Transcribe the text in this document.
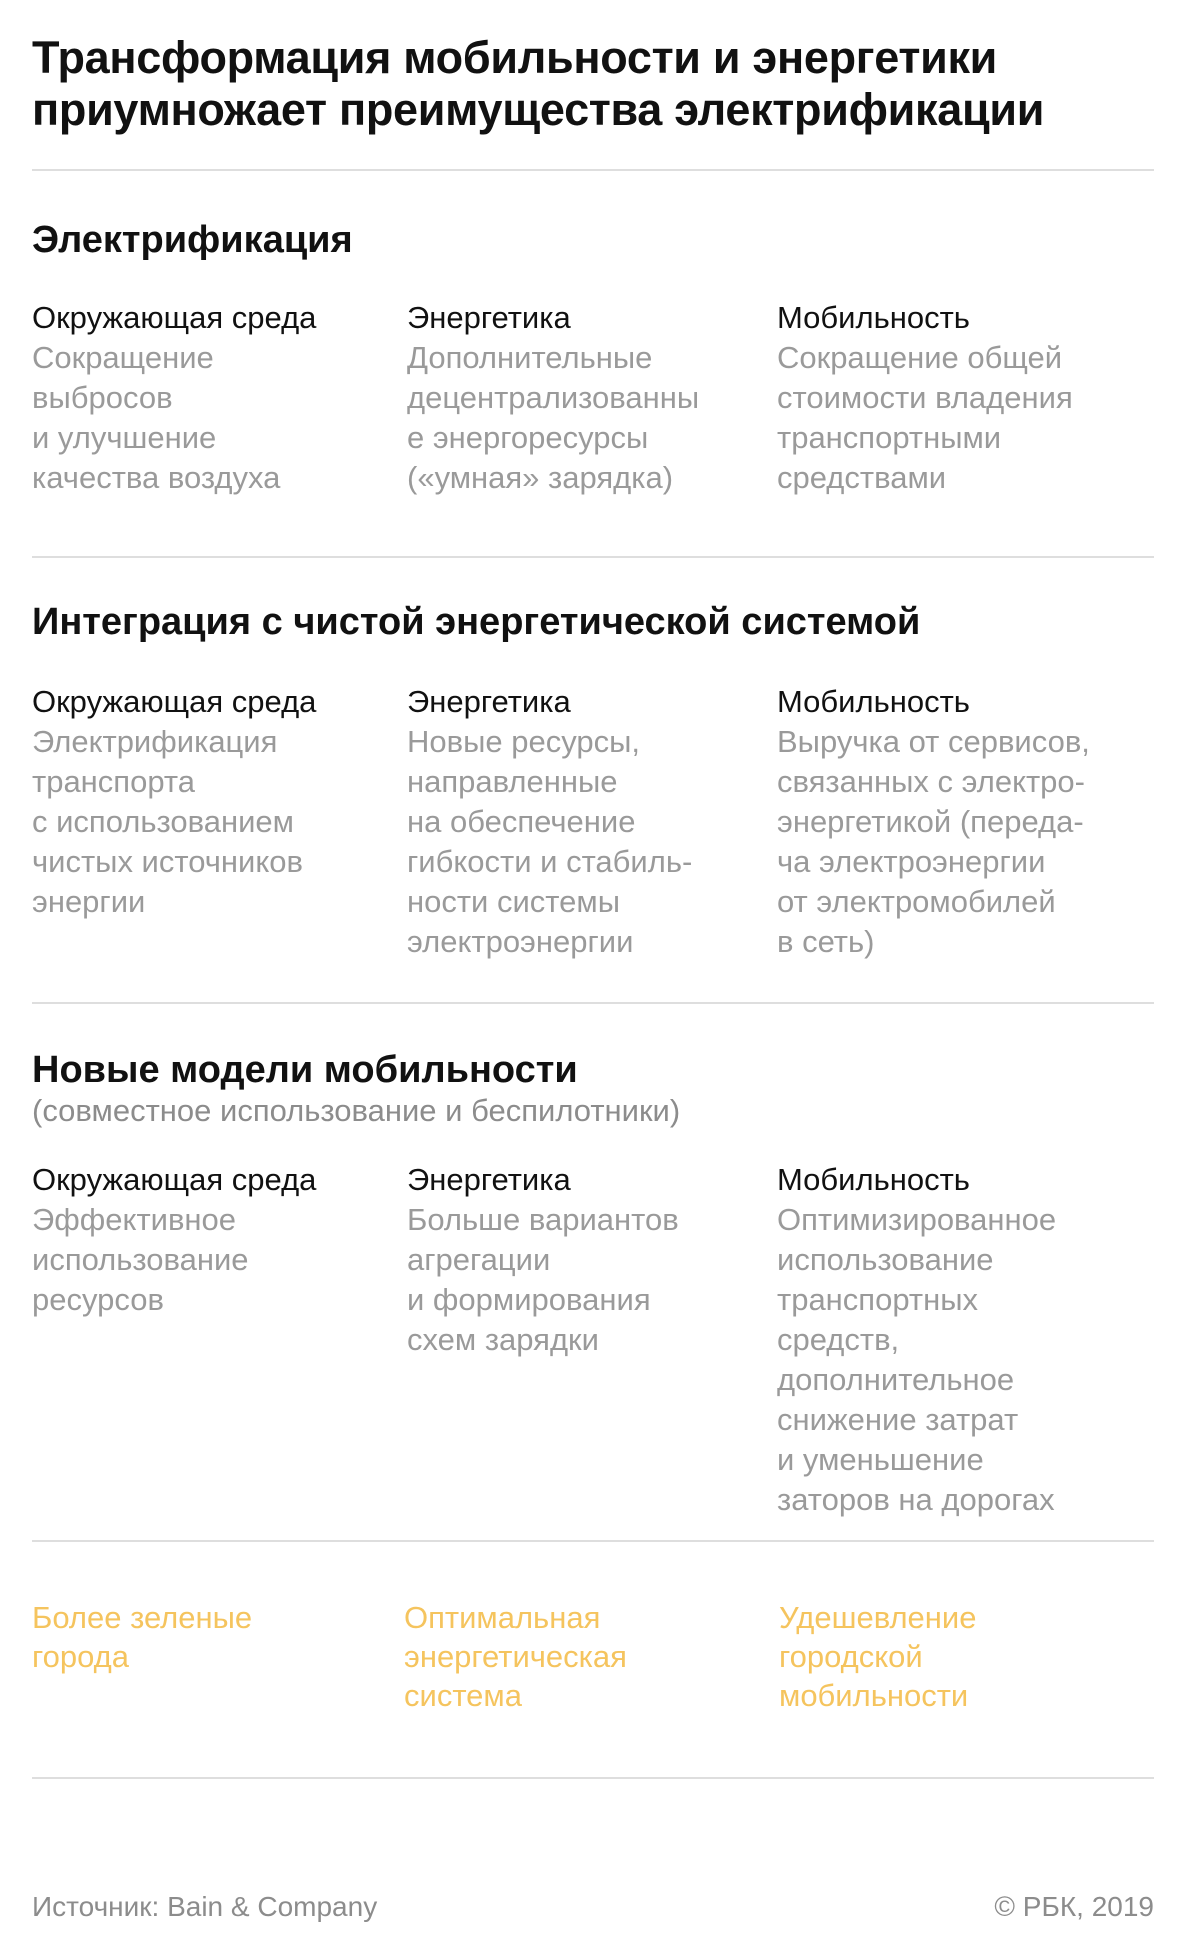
Трансформация мобильности и энергетики
приумножает преимущества электрификации
Электрификация
Окружающая среда
Сокращение
выбросов
и улучшение
качества воздуха
Энергетика
Дополнительные
децентрализованны
е энергоресурсы
(«умная» зарядка)
Мобильность
Сокращение общей
стоимости владения
транспортными
средствами
Интеграция с чистой энергетической системой
Окружающая среда
Электрификация
транспорта
с использованием
чистых источников
энергии
Энергетика
Новые ресурсы,
направленные
на обеспечение
гибкости и стабиль-
ности системы
электроэнергии
Мобильность
Выручка от сервисов,
связанных с электро-
энергетикой (переда-
ча электроэнергии
от электромобилей
в сеть)
Новые модели мобильности

(совместное использование и беспилотники)

Окружающая среда
Эффективное
использование
ресурсов
Энергетика
Больше вариантов
агрегации
и формирования
схем зарядки
Мобильность
Оптимизированное
использование
транспортных
средств,
дополнительное
снижение затрат
и уменьшение
заторов на дорогах
Более зеленые
города
Оптимальная
энергетическая
система
Удешевление
городской
мобильности
Источник: Bain & Company	© РБК, 2019
